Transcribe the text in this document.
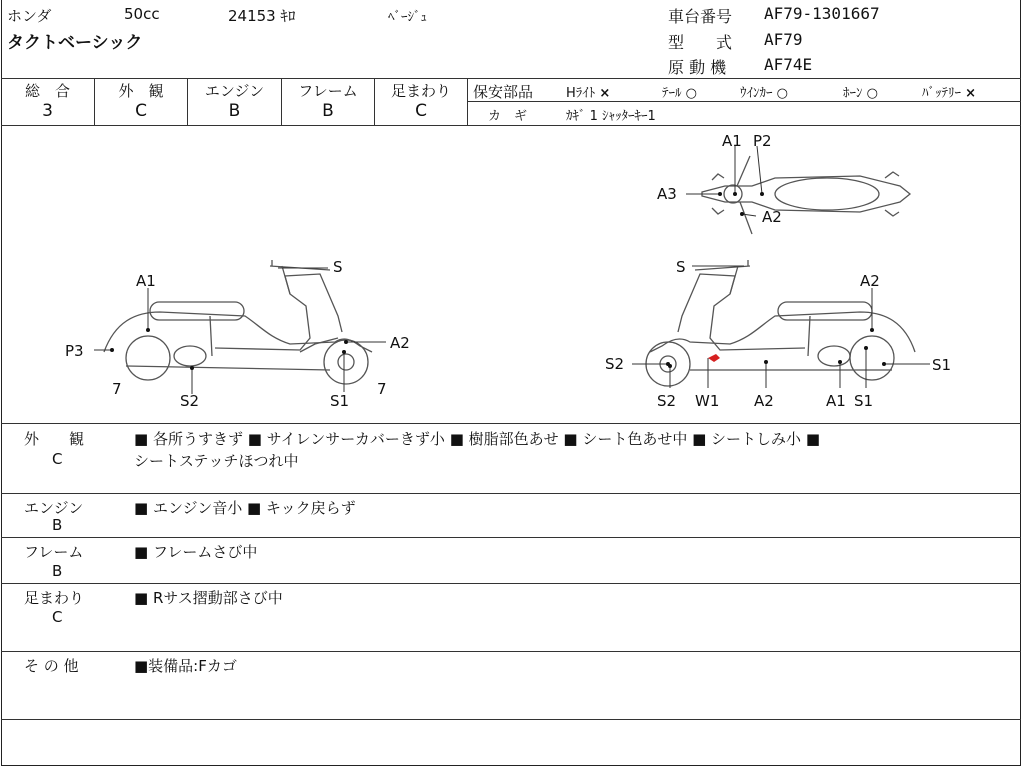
ホンダ	50cc	24153 ｷﾛ	ﾍﾞｰｼﾞｭ
タクトベーシック
車台番号 AF79-1301667
型　　式 AF79
原 動 機 AF74E
総　合
3
外　観
C
エンジン
B
フレーム
B
足まわり
C
保安部品	Hﾗｲﾄ ×	ﾃｰﾙ ○	ｳｲﾝｶｰ ○	ﾎｰﾝ ○	ﾊﾞｯﾃﾘｰ ×
カ　ギ	ｶｷﾞ 1 ｼｬｯﾀｰｷｰ1
A1 P2
A3
A2
A1
S
P3	A2
7
S2	S1
7
S
A2
S2	S1
S2 W1 A2	A1 S1
外　　観
C
■ 各所うすきず ■ サイレンサーカバーきず小 ■ 樹脂部色あせ ■ シート色あせ中 ■ シートしみ小 ■
シートステッチほつれ中
エンジン
B
■ エンジン音小 ■ キック戻らず
フレーム
B
■ フレームさび中
足まわり
C
■ Rサス摺動部さび中
そ の 他	■装備品:Fカゴ
